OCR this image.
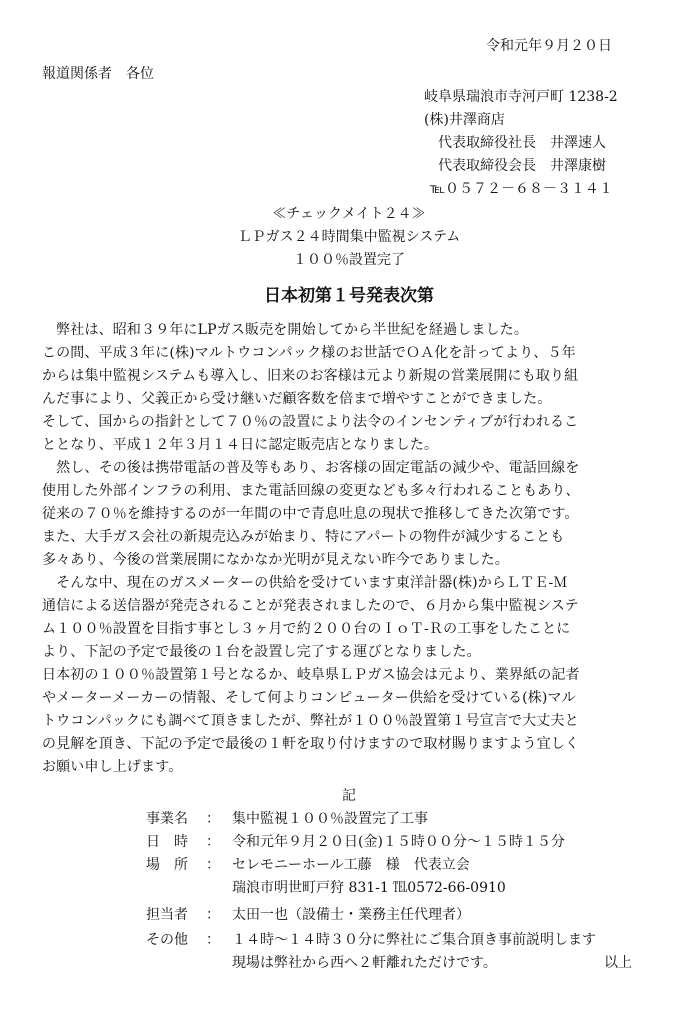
令和元年９月２０日
報道関係者　各位
岐阜県瑞浪市寺河戸町 1238-2
(株)井澤商店
代表取締役社長　井澤速人
代表取締役会長　井澤康樹
℡０５７２－６８－３１４１
≪チェックメイト２４≫
ＬＰガス２４時間集中監視システム
１００％設置完了
日本初第１号発表次第
　弊社は、昭和３９年にLPガス販売を開始してから半世紀を経過しました。
この間、平成３年に(株)マルトウコンパック様のお世話でＯＡ化を計ってより、５年
からは集中監視システムも導入し、旧来のお客様は元より新規の営業展開にも取り組
んだ事により、父義正から受け継いだ顧客数を倍まで増やすことができました。
そして、国からの指針として７０％の設置により法令のインセンティブが行われるこ
ととなり、平成１２年３月１４日に認定販売店となりました。
　然し、その後は携帯電話の普及等もあり、お客様の固定電話の減少や、電話回線を
使用した外部インフラの利用、また電話回線の変更なども多々行われることもあり、
従来の７０％を維持するのが一年間の中で青息吐息の現状で推移してきた次第です。
また、大手ガス会社の新規売込みが始まり、特にアパートの物件が減少することも
多々あり、今後の営業展開になかなか光明が見えない昨今でありました。
　そんな中、現在のガスメーターの供給を受けています東洋計器(株)からＬＴＥ-Ｍ
通信による送信器が発売されることが発表されましたので、６月から集中監視システ
ム１００％設置を目指す事とし３ヶ月で約２００台のＩｏＴ-Ｒの工事をしたことに
より、下記の予定で最後の１台を設置し完了する運びとなりました。
日本初の１００％設置第１号となるか、岐阜県ＬＰガス協会は元より、業界紙の記者
やメーターメーカーの情報、そして何よりコンピューター供給を受けている(株)マル
トウコンパックにも調べて頂きましたが、弊社が１００％設置第１号宣言で大丈夫と
の見解を頂き、下記の予定で最後の１軒を取り付けますので取材賜りますよう宜しく
お願い申し上げます。
記
事業名 ： 集中監視１００％設置完了工事
日　時 ： 令和元年９月２０日(金)１５時００分～１５時１５分
場　所 ： セレモニーホール工藤　様　代表立会
瑞浪市明世町戸狩 831-1 ℡0572-66-0910
担当者 ： 太田一也（設備士・業務主任代理者）
その他 ： １４時～１４時３０分に弊社にご集合頂き事前説明します
現場は弊社から西へ２軒離れただけです。	以上
